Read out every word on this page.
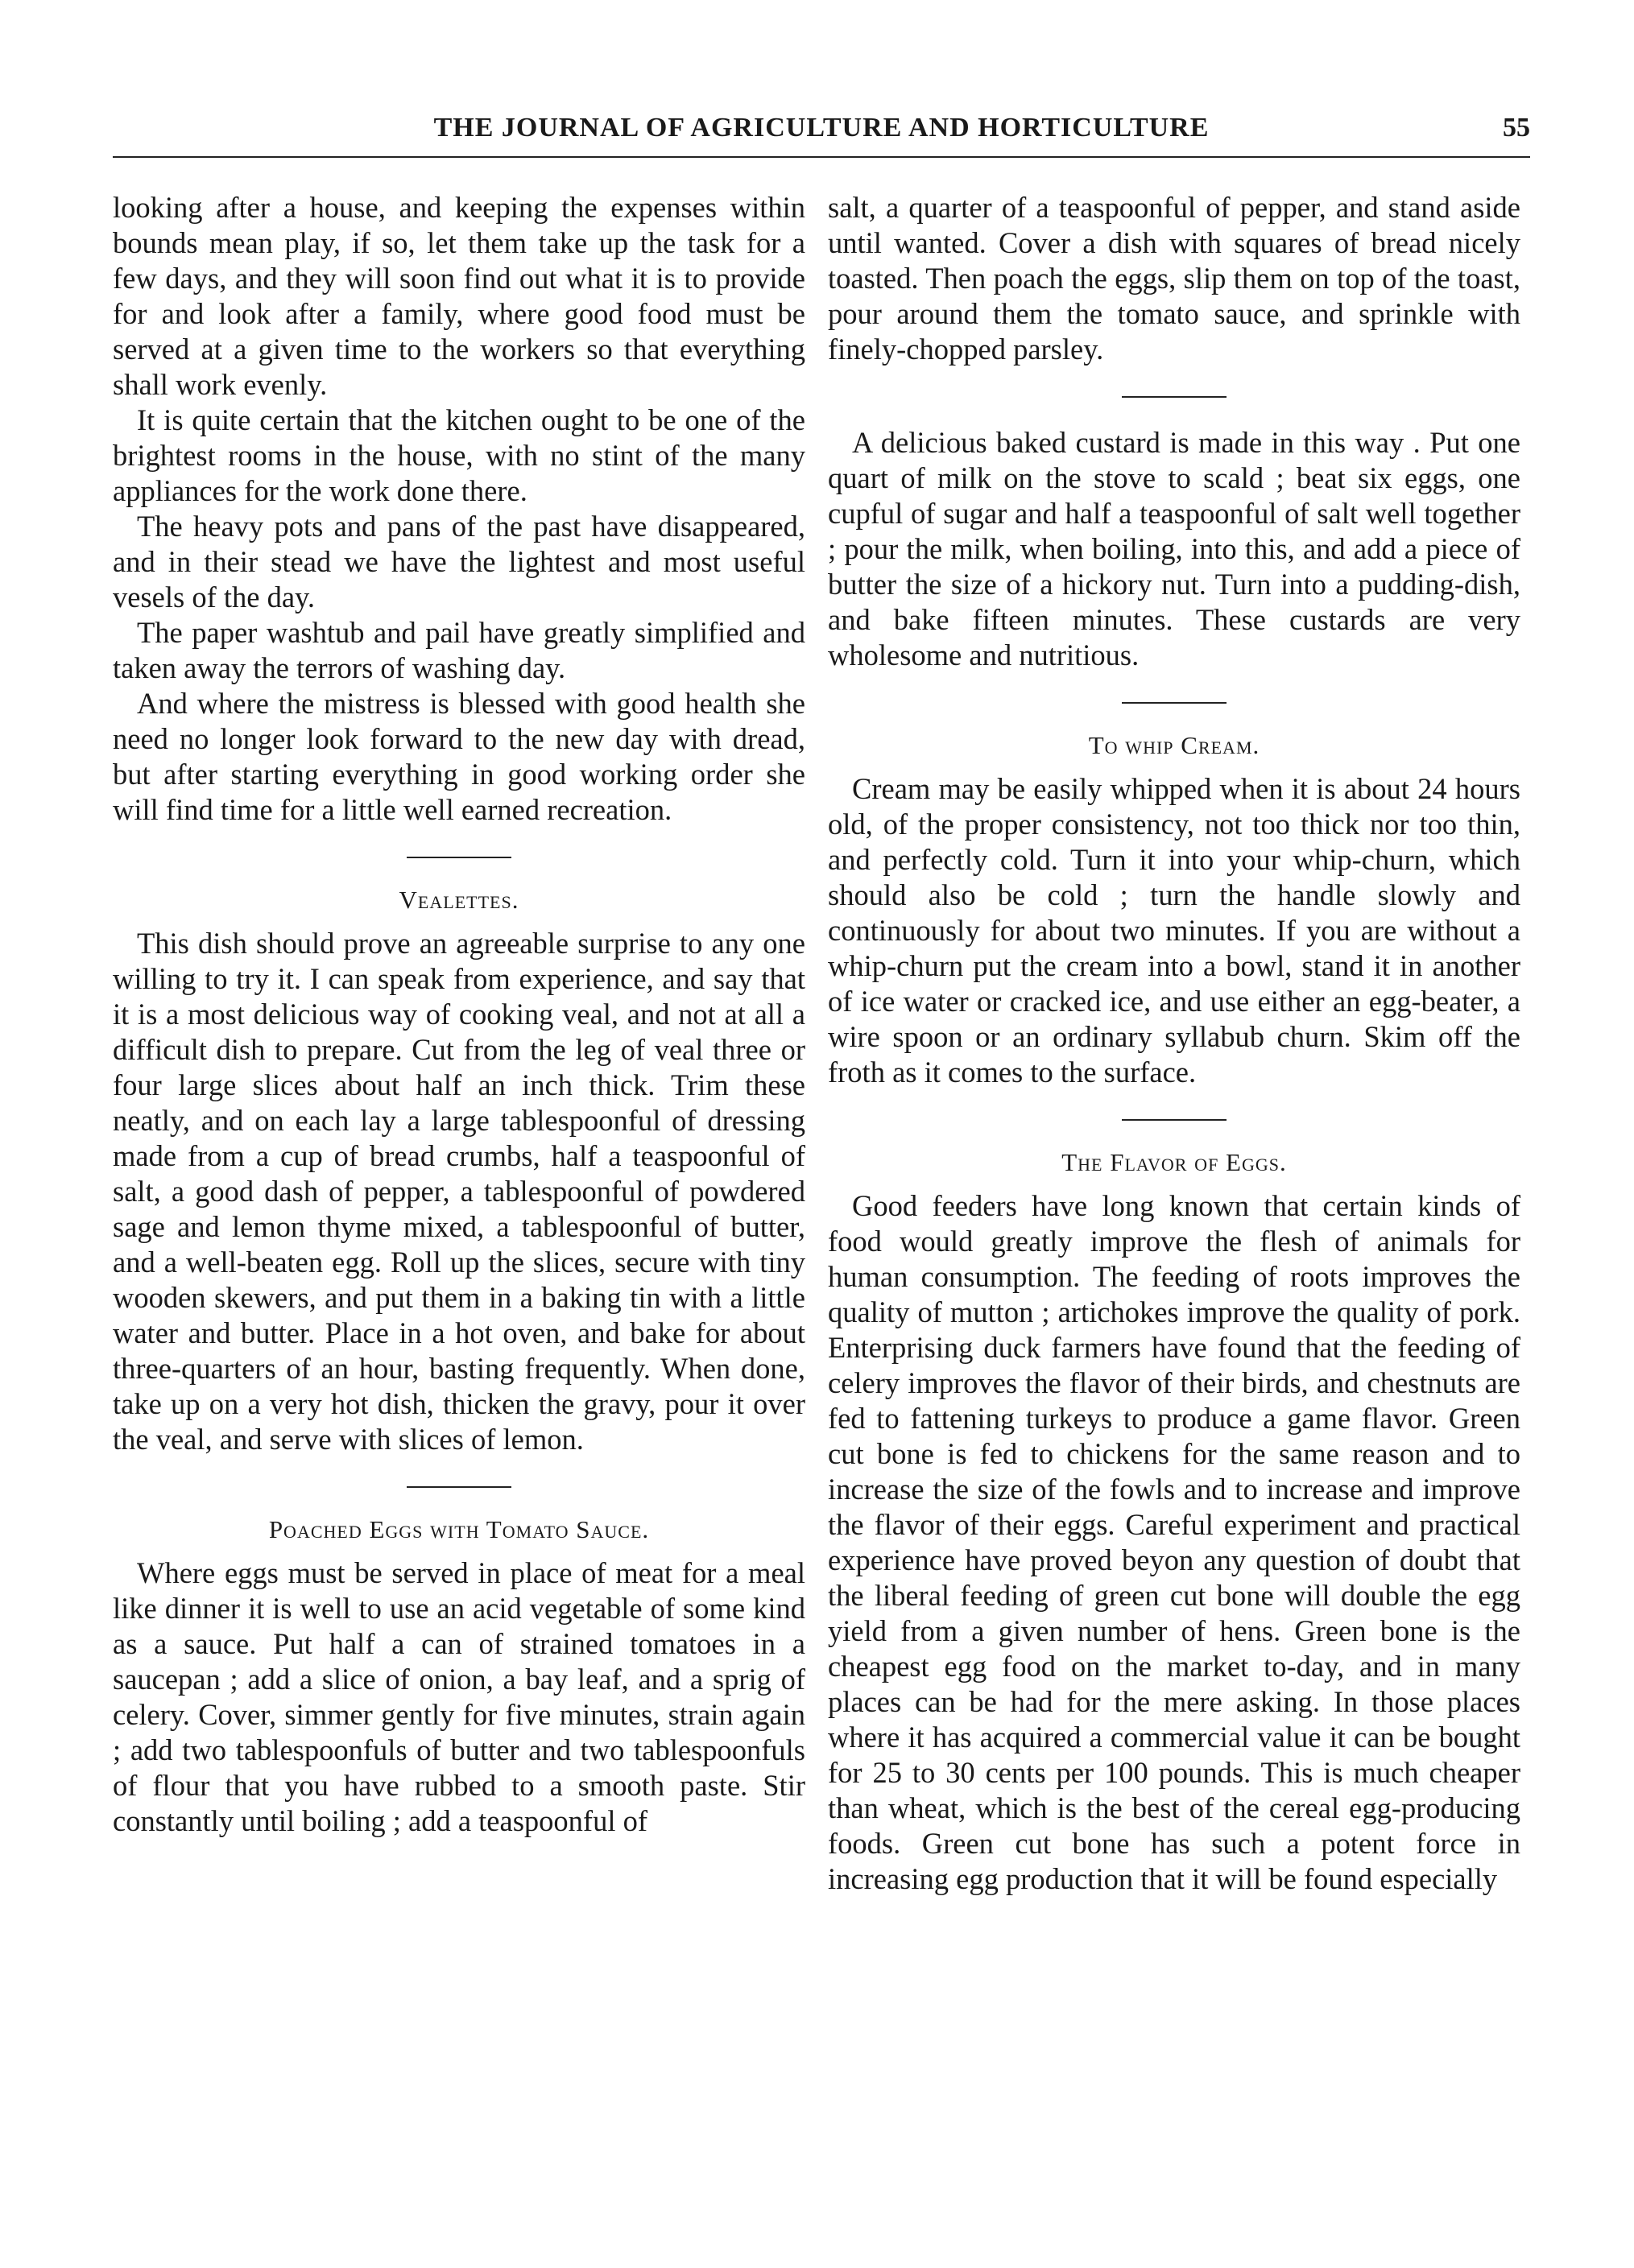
THE JOURNAL OF AGRICULTURE AND HORTICULTURE	55

looking after a house, and keeping the expenses within bounds mean play, if so, let them take up the task for a few days, and they will soon find out what it is to provide for and look after a family, where good food must be served at a given time to the workers so that everything shall work evenly.

It is quite certain that the kitchen ought to be one of the brightest rooms in the house, with no stint of the many appliances for the work done there.

The heavy pots and pans of the past have disappeared, and in their stead we have the lightest and most useful vesels of the day.

The paper washtub and pail have greatly simplified and taken away the terrors of washing day.

And where the mistress is blessed with good health she need no longer look forward to the new day with dread, but after starting everything in good working order she will find time for a little well earned recreation.

Vealettes.

This dish should prove an agreeable surprise to any one willing to try it. I can speak from experience, and say that it is a most delicious way of cooking veal, and not at all a difficult dish to prepare. Cut from the leg of veal three or four large slices about half an inch thick. Trim these neatly, and on each lay a large tablespoonful of dressing made from a cup of bread crumbs, half a teaspoonful of salt, a good dash of pepper, a tablespoonful of powdered sage and lemon thyme mixed, a tablespoonful of butter, and a well-beaten egg. Roll up the slices, secure with tiny wooden skewers, and put them in a baking tin with a little water and butter. Place in a hot oven, and bake for about three-quarters of an hour, basting frequently. When done, take up on a very hot dish, thicken the gravy, pour it over the veal, and serve with slices of lemon.

Poached Eggs with Tomato Sauce.

Where eggs must be served in place of meat for a meal like dinner it is well to use an acid vegetable of some kind as a sauce. Put half a can of strained tomatoes in a saucepan ; add a slice of onion, a bay leaf, and a sprig of celery. Cover, simmer gently for five minutes, strain again ; add two tablespoonfuls of butter and two tablespoonfuls of flour that you have rubbed to a smooth paste. Stir constantly until boiling ; add a teaspoonful of

salt, a quarter of a teaspoonful of pepper, and stand aside until wanted. Cover a dish with squares of bread nicely toasted. Then poach the eggs, slip them on top of the toast, pour around them the tomato sauce, and sprinkle with finely-chopped parsley.

A delicious baked custard is made in this way . Put one quart of milk on the stove to scald ; beat six eggs, one cupful of sugar and half a teaspoonful of salt well together ; pour the milk, when boiling, into this, and add a piece of butter the size of a hickory nut. Turn into a pudding-dish, and bake fifteen minutes. These custards are very wholesome and nutritious.

To whip Cream.

Cream may be easily whipped when it is about 24 hours old, of the proper consistency, not too thick nor too thin, and perfectly cold. Turn it into your whip-churn, which should also be cold ; turn the handle slowly and continuously for about two minutes. If you are without a whip-churn put the cream into a bowl, stand it in another of ice water or cracked ice, and use either an egg-beater, a wire spoon or an ordinary syllabub churn. Skim off the froth as it comes to the surface.

The Flavor of Eggs.

Good feeders have long known that certain kinds of food would greatly improve the flesh of animals for human consumption. The feeding of roots improves the quality of mutton ; artichokes improve the quality of pork. Enterprising duck farmers have found that the feeding of celery improves the flavor of their birds, and chestnuts are fed to fattening turkeys to produce a game flavor. Green cut bone is fed to chickens for the same reason and to increase the size of the fowls and to increase and improve the flavor of their eggs. Careful experiment and practical experience have proved beyon any question of doubt that the liberal feeding of green cut bone will double the egg yield from a given number of hens. Green bone is the cheapest egg food on the market to-day, and in many places can be had for the mere asking. In those places where it has acquired a commercial value it can be bought for 25 to 30 cents per 100 pounds. This is much cheaper than wheat, which is the best of the cereal egg-producing foods. Green cut bone has such a potent force in increasing egg production that it will be found especially
